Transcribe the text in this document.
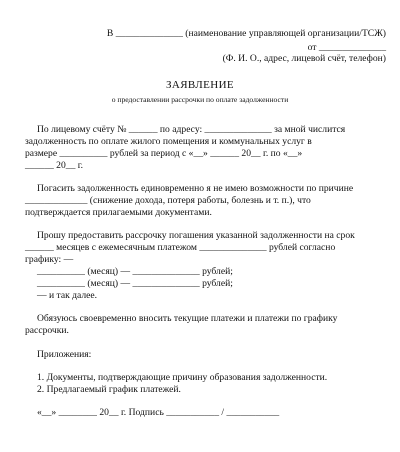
В ______________ (наименование управляющей организации/ТСЖ)
от ______________
(Ф. И. О., адрес, лицевой счёт, телефон)
ЗАЯВЛЕНИЕ
о предоставлении рассрочки по оплате задолженности
По лицевому счёту № ______ по адресу: ______________ за мной числится
задолженность по оплате жилого помещения и коммунальных услуг в
размере __________ рублей за период с «__» ______ 20__ г. по «__»
______ 20__ г.
Погасить задолженность единовременно я не имею возможности по причине
_____________ (снижение дохода, потеря работы, болезнь и т. п.), что
подтверждается прилагаемыми документами.
Прошу предоставить рассрочку погашения указанной задолженности на срок
______ месяцев с ежемесячным платежом ______________ рублей согласно
графику: —
__________ (месяц) — ______________ рублей;
__________ (месяц) — ______________ рублей;
— и так далее.
Обязуюсь своевременно вносить текущие платежи и платежи по графику
рассрочки.
Приложения:
1. Документы, подтверждающие причину образования задолженности.
2. Предлагаемый график платежей.
«__» ________ 20__ г. Подпись ___________ / ___________
